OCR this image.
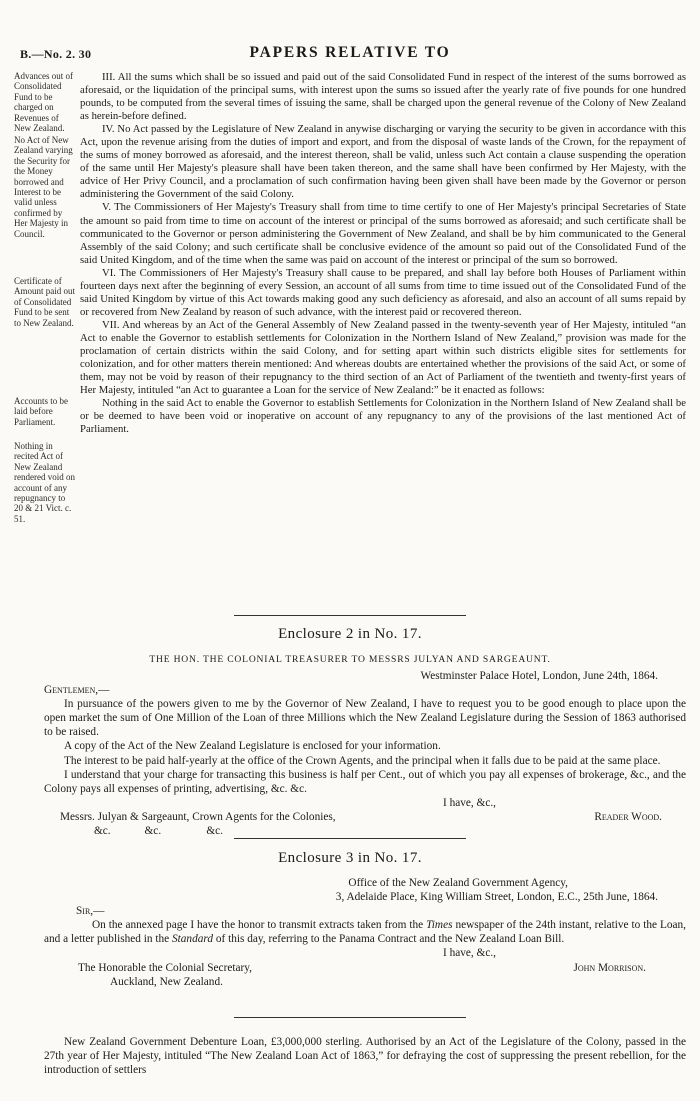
B.—No. 2. 30	PAPERS RELATIVE TO
Advances out of Consolidated Fund to be charged on Revenues of New Zealand.
No Act of New Zealand varying the Security for the Money borrowed and Interest to be valid unless confirmed by Her Majesty in Council.
Certificate of Amount paid out of Consolidated Fund to be sent to New Zealand.
Accounts to be laid before Parliament.
Nothing in recited Act of New Zealand rendered void on account of any repugnancy to 20 & 21 Vict. c. 51.

III. All the sums which shall be so issued and paid out of the said Consolidated Fund in respect of the interest of the sums borrowed as aforesaid, or the liquidation of the principal sums, with interest upon the sums so issued after the yearly rate of five pounds for one hundred pounds, to be computed from the several times of issuing the same, shall be charged upon the general revenue of the Colony of New Zealand as herein-before defined.

IV. No Act passed by the Legislature of New Zealand in anywise discharging or varying the security to be given in accordance with this Act, upon the revenue arising from the duties of import and export, and from the disposal of waste lands of the Crown, for the repayment of the sums of money borrowed as aforesaid, and the interest thereon, shall be valid, unless such Act contain a clause suspending the operation of the same until Her Majesty's pleasure shall have been taken thereon, and the same shall have been confirmed by Her Majesty, with the advice of Her Privy Council, and a proclamation of such confirmation having been given shall have been made by the Governor or person administering the Government of the said Colony.

V. The Commissioners of Her Majesty's Treasury shall from time to time certify to one of Her Majesty's principal Secretaries of State the amount so paid from time to time on account of the interest or principal of the sums borrowed as aforesaid; and such certificate shall be communicated to the Governor or person administering the Government of New Zealand, and shall be by him communicated to the General Assembly of the said Colony; and such certificate shall be conclusive evidence of the amount so paid out of the Consolidated Fund of the said United Kingdom, and of the time when the same was paid on account of the interest or principal of the sum so borrowed.

VI. The Commissioners of Her Majesty's Treasury shall cause to be prepared, and shall lay before both Houses of Parliament within fourteen days next after the beginning of every Session, an account of all sums from time to time issued out of the Consolidated Fund of the said United Kingdom by virtue of this Act towards making good any such deficiency as aforesaid, and also an account of all sums repaid by or recovered from New Zealand by reason of such advance, with the interest paid or recovered thereon.

VII. And whereas by an Act of the General Assembly of New Zealand passed in the twenty-seventh year of Her Majesty, intituled “an Act to enable the Governor to establish settlements for Colonization in the Northern Island of New Zealand,” provision was made for the proclamation of certain districts within the said Colony, and for setting apart within such districts eligible sites for settlements for colonization, and for other matters therein mentioned: And whereas doubts are entertained whether the provisions of the said Act, or some of them, may not be void by reason of their repugnancy to the third section of an Act of Parliament of the twentieth and twenty-first years of Her Majesty, intituled “an Act to guarantee a Loan for the service of New Zealand:” be it enacted as follows:

Nothing in the said Act to enable the Governor to establish Settlements for Colonization in the Northern Island of New Zealand shall be or be deemed to have been void or inoperative on account of any repugnancy to any of the provisions of the last mentioned Act of Parliament.

Enclosure 2 in No. 17.
THE HON. THE COLONIAL TREASURER TO MESSRS JULYAN AND SARGEAUNT.
Westminster Palace Hotel, London, June 24th, 1864.
Gentlemen,—

In pursuance of the powers given to me by the Governor of New Zealand, I have to request you to be good enough to place upon the open market the sum of One Million of the Loan of three Millions which the New Zealand Legislature during the Session of 1863 authorised to be raised.

A copy of the Act of the New Zealand Legislature is enclosed for your information.

The interest to be paid half-yearly at the office of the Crown Agents, and the principal when it falls due to be paid at the same place.

I understand that your charge for transacting this business is half per Cent., out of which you pay all expenses of brokerage, &c., and the Colony pays all expenses of printing, advertising, &c. &c.

I have, &c.,
Messrs. Julyan & Sargeaunt, Crown Agents for the Colonies,	Reader Wood.
&c.            &c.                &c.
Enclosure 3 in No. 17.
Office of the New Zealand Government Agency,
3, Adelaide Place, King William Street, London, E.C., 25th June, 1864.
Sir,—

On the annexed page I have the honor to transmit extracts taken from the Times newspaper of the 24th instant, relative to the Loan, and a letter published in the Standard of this day, referring to the Panama Contract and the New Zealand Loan Bill.

I have, &c.,
The Honorable the Colonial Secretary,	John Morrison.
Auckland, New Zealand.

New Zealand Government Debenture Loan, £3,000,000 sterling. Authorised by an Act of the Legislature of the Colony, passed in the 27th year of Her Majesty, intituled “The New Zealand Loan Act of 1863,” for defraying the cost of suppressing the present rebellion, for the introduction of settlers
